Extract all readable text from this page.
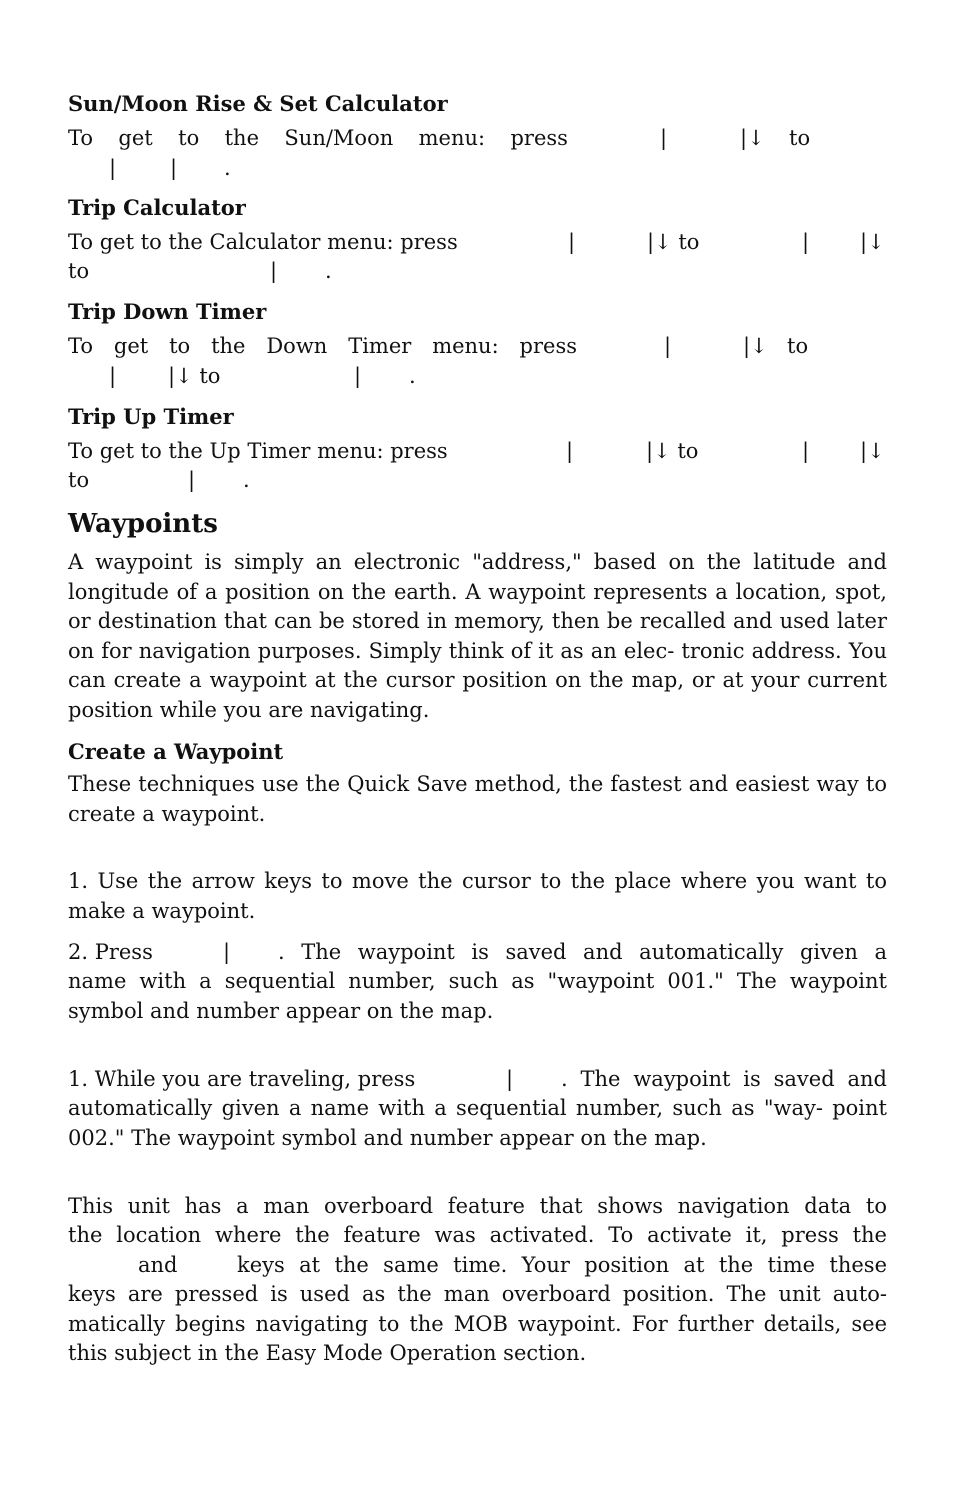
Sun/Moon Rise & Set Calculator
To get to the Sun/Moon menu: press	|	|↓ to
|	| .
Trip Calculator
To get to the Calculator menu: press	|	|↓ to	| |↓
to	| .
Trip Down Timer
To get to the Down Timer menu: press	|	|↓ to
| |↓ to	| .
Trip Up Timer
To get to the Up Timer menu: press	|	|↓ to	| |↓
to	| .
Waypoints
A waypoint is simply an electronic "address," based on the latitude and longitude of a position on the earth. A waypoint represents a location, spot, or destination that can be stored in memory, then be recalled and used later on for navigation purposes. Simply think of it as an elec- tronic address. You can create a waypoint at the cursor position on the map, or at your current position while you are navigating.
Create a Waypoint
These techniques use the Quick Save method, the fastest and easiest way to create a waypoint.
1. Use the arrow keys to move the cursor to the place where you want to make a waypoint.
2. Press	| . The waypoint is saved and automatically given a
name with a sequential number, such as "waypoint 001." The waypoint symbol and number appear on the map.
1. While you are traveling, press	| . The waypoint is saved and
automatically given a name with a sequential number, such as "way- point 002." The waypoint symbol and number appear on the map.
This unit has a man overboard feature that shows navigation data to
the location where the feature was activated. To activate it, press the
and	keys at the same time. Your position at the time these
keys are pressed is used as the man overboard position. The unit auto- matically begins navigating to the MOB waypoint. For further details, see this subject in the Easy Mode Operation section.
